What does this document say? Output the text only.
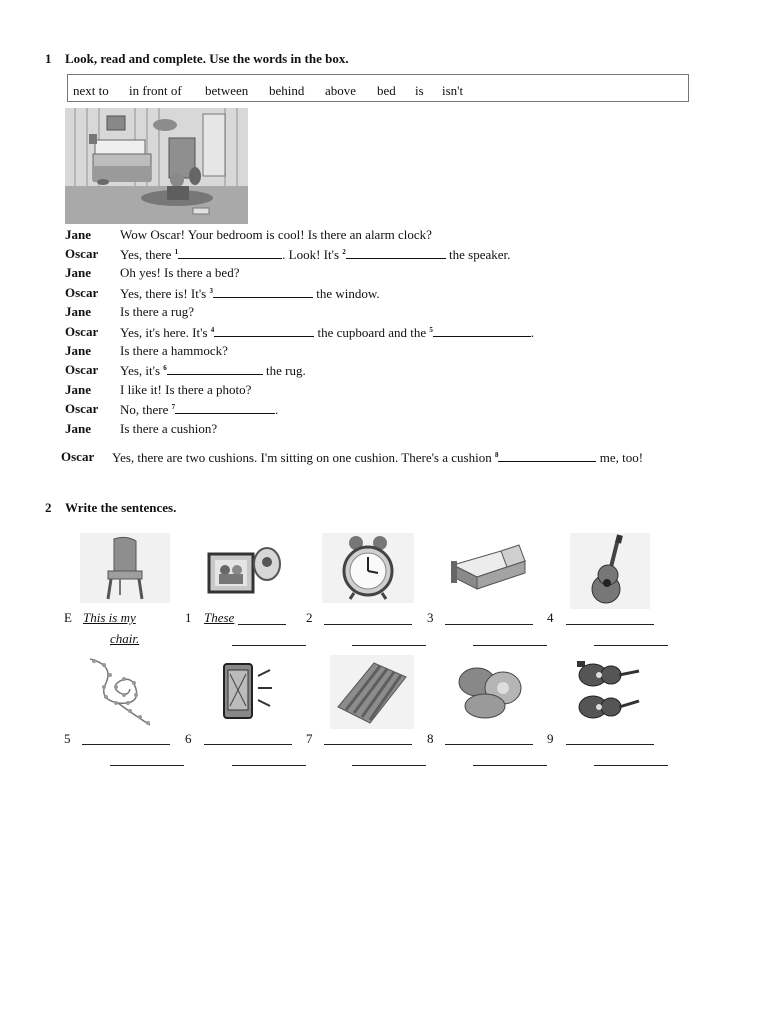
1 Look, read and complete. Use the words in the box.
next to in front of between behind above bed is isn't
Jane Wow Oscar! Your bedroom is cool! Is there an alarm clock?
Oscar Yes, there $^1$	. Look! It's $^2$	the speaker.
Jane Oh yes! Is there a bed?
Oscar Yes, there is! It's $^3$	the window.
Jane Is there a rug?
Oscar Yes, it's here. It's $^4$	the cupboard and the $^5$	.
Jane Is there a hammock?
Oscar Yes, it's $^6$	the rug.
Jane I like it! Is there a photo?
Oscar No, there $^7$	.
Jane Is there a cushion?
Oscar Yes, there are two cushions. I'm sitting on one cushion. There's a cushion $^8$	me, too!
2 Write the sentences.
E This is my
chair.
1 These	2	3	4
5	6	7	8	9
